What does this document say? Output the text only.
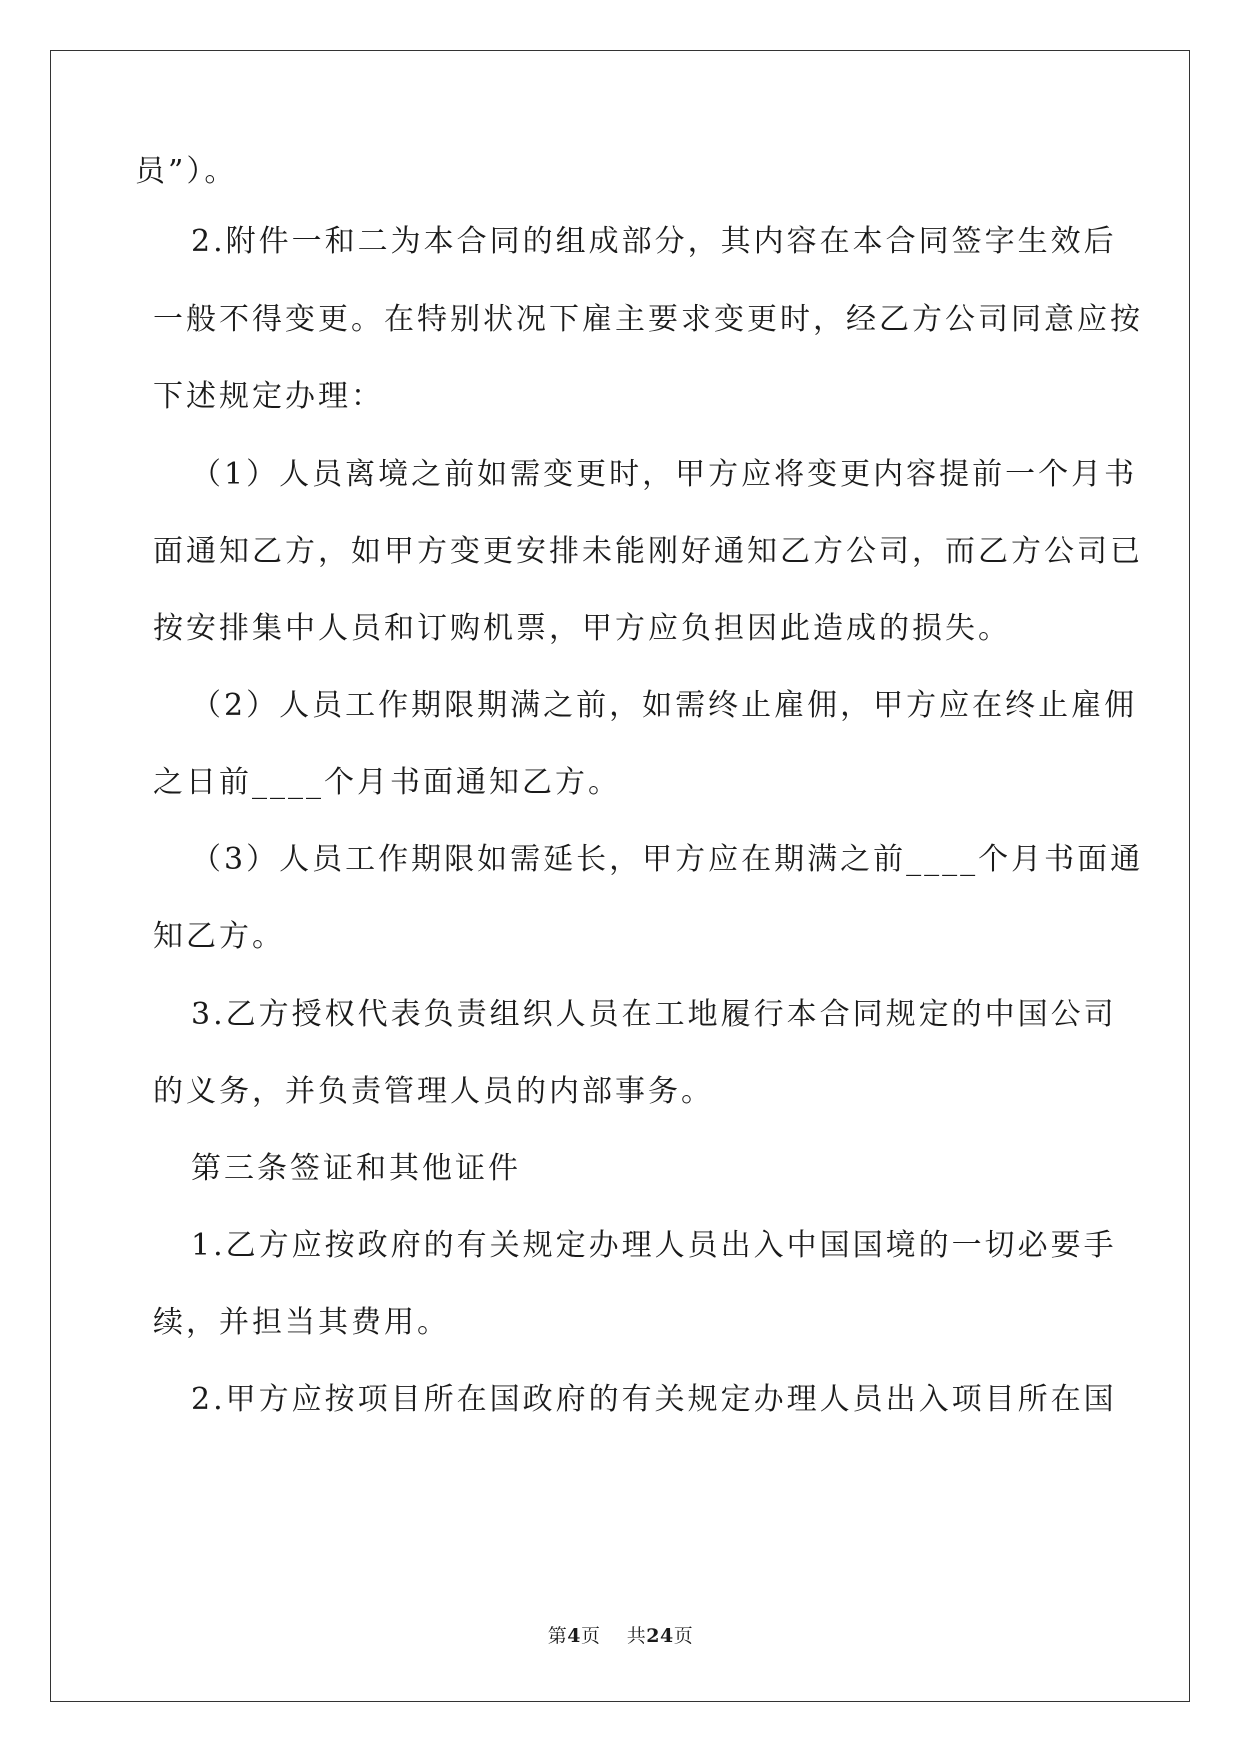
员”）。
2.附件一和二为本合同的组成部分，其内容在本合同签字生效后
一般不得变更。在特别状况下雇主要求变更时，经乙方公司同意应按
下述规定办理：
（1）人员离境之前如需变更时，甲方应将变更内容提前一个月书
面通知乙方，如甲方变更安排未能刚好通知乙方公司，而乙方公司已
按安排集中人员和订购机票，甲方应负担因此造成的损失。
（2）人员工作期限期满之前，如需终止雇佣，甲方应在终止雇佣
之日前____个月书面通知乙方。
（3）人员工作期限如需延长，甲方应在期满之前____个月书面通
知乙方。
3.乙方授权代表负责组织人员在工地履行本合同规定的中国公司
的义务，并负责管理人员的内部事务。
第三条签证和其他证件
1.乙方应按政府的有关规定办理人员出入中国国境的一切必要手
续，并担当其费用。
2.甲方应按项目所在国政府的有关规定办理人员出入项目所在国
第4页 共24页
